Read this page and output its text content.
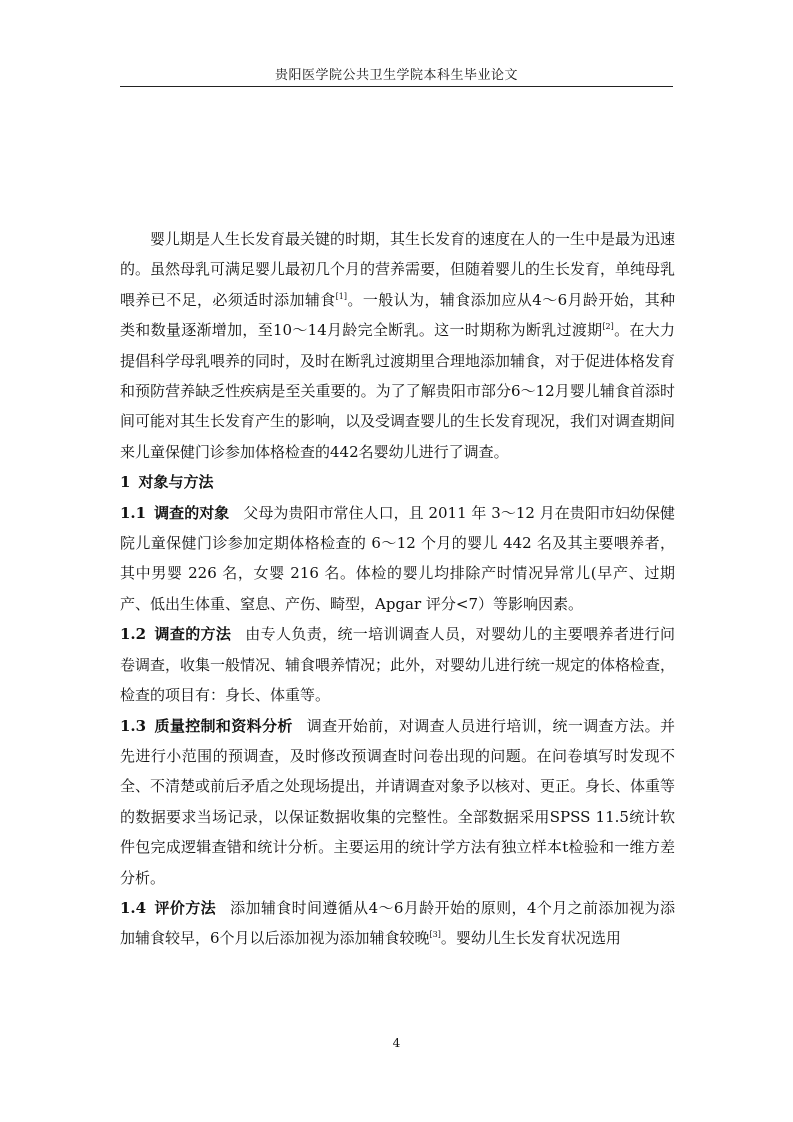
贵阳医学院公共卫生学院本科生毕业论文

婴儿期是人生长发育最关键的时期，其生长发育的速度在人的一生中是最为迅速的。虽然母乳可满足婴儿最初几个月的营养需要，但随着婴儿的生长发育，单纯母乳喂养已不足，必须适时添加辅食[1]。一般认为，辅食添加应从4～6月龄开始，其种类和数量逐渐增加，至10～14月龄完全断乳。这一时期称为断乳过渡期[2]。在大力提倡科学母乳喂养的同时，及时在断乳过渡期里合理地添加辅食，对于促进体格发育和预防营养缺乏性疾病是至关重要的。为了了解贵阳市部分6～12月婴儿辅食首添时间可能对其生长发育产生的影响，以及受调查婴儿的生长发育现况，我们对调查期间来儿童保健门诊参加体格检查的442名婴幼儿进行了调查。

1 对象与方法

1.1 调查的对象 父母为贵阳市常住人口，且 2011 年 3～12 月在贵阳市妇幼保健院儿童保健门诊参加定期体格检查的 6～12 个月的婴儿 442 名及其主要喂养者，其中男婴 226 名，女婴 216 名。体检的婴儿均排除产时情况异常儿(早产、过期产、低出生体重、窒息、产伤、畸型，Apgar 评分<7）等影响因素。

1.2 调查的方法 由专人负责，统一培训调查人员，对婴幼儿的主要喂养者进行问卷调查，收集一般情况、辅食喂养情况；此外，对婴幼儿进行统一规定的体格检查，检查的项目有：身长、体重等。

1.3 质量控制和资料分析 调查开始前，对调查人员进行培训，统一调查方法。并先进行小范围的预调查，及时修改预调查时问卷出现的问题。在问卷填写时发现不全、不清楚或前后矛盾之处现场提出，并请调查对象予以核对、更正。身长、体重等的数据要求当场记录，以保证数据收集的完整性。全部数据采用SPSS 11.5统计软件包完成逻辑查错和统计分析。主要运用的统计学方法有独立样本t检验和一维方差分析。

1.4 评价方法 添加辅食时间遵循从4～6月龄开始的原则，4个月之前添加视为添加辅食较早，6个月以后添加视为添加辅食较晚[3]。婴幼儿生长发育状况选用

4
